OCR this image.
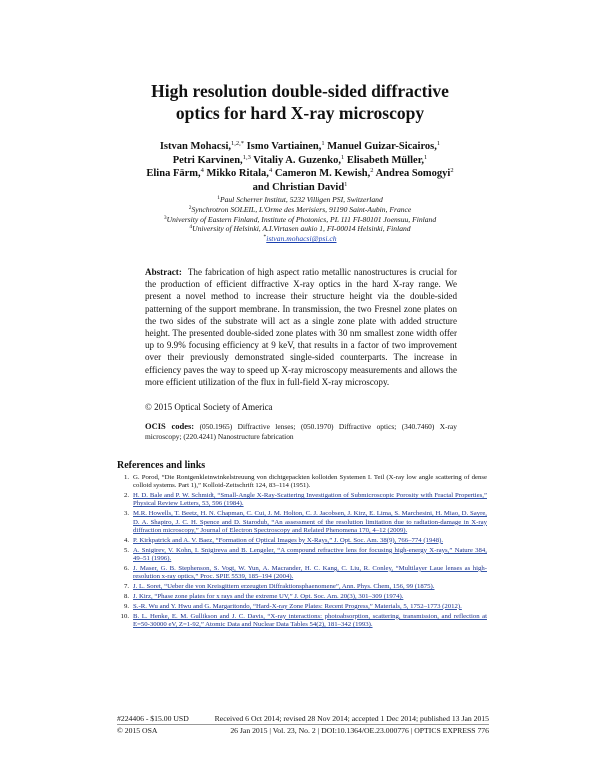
High resolution double-sided diffractive
optics for hard X-ray microscopy
Istvan Mohacsi,$^{1,2,*}$ Ismo Vartiainen,$^1$ Manuel Guizar-Sicairos,$^1$
Petri Karvinen,$^{1,3}$ Vitaliy A. Guzenko,$^1$ Elisabeth Müller,$^1$
Elina Färm,$^4$ Mikko Ritala,$^4$ Cameron M. Kewish,$^2$ Andrea Somogyi$^2$
and Christian David$^1$
$^1$Paul Scherrer Institut, 5232 Villigen PSI, Switzerland
$^2$Synchrotron SOLEIL, L'Orme des Merisiers, 91190 Saint-Aubin, France
$^3$University of Eastern Finland, Institute of Photonics, PL 111 FI-80101 Joensuu, Finland
$^4$University of Helsinki, A.I.Virtasen aukio 1, FI-00014 Helsinki, Finland
*istvan.mohacsi@psi.ch
Abstract: The fabrication of high aspect ratio metallic nanostructures is crucial for the production of efficient diffractive X-ray optics in the hard X-ray range. We present a novel method to increase their structure height via the double-sided patterning of the support membrane. In transmission, the two Fresnel zone plates on the two sides of the substrate will act as a single zone plate with added structure height. The presented double-sided zone plates with 30 nm smallest zone width offer up to 9.9% focusing efficiency at 9 keV, that results in a factor of two improvement over their previously demonstrated single-sided counterparts. The increase in efficiency paves the way to speed up X-ray microscopy measurements and allows the more efficient utilization of the flux in full-field X-ray microscopy.
© 2015 Optical Society of America
OCIS codes: (050.1965) Diffractive lenses; (050.1970) Diffractive optics; (340.7460) X-ray microscopy; (220.4241) Nanostructure fabrication
References and links
1. G. Porod, “Die Rontgenkleinwinkelstreuung von dichtgepackten kolloiden Systemen I. Teil (X-ray low angle scattering of dense colloid systems. Part 1),” Kolloid-Zeitschrift 124, 83–114 (1951).
2. H. D. Bale and P. W. Schmidt, “Small-Angle X-Ray-Scattering Investigation of Submicroscopic Porosity with Fractal Properties,” Physical Review Letters, 53, 596 (1984).
3. M.R. Howells, T. Beetz, H. N. Chapman, C. Cui, J. M. Holton, C. J. Jacobsen, J. Kirz, E. Lima, S. Marchesini, H. Miao, D. Sayre, D. A. Shapiro, J. C. H. Spence and D. Starodub, “An assessment of the resolution limitation due to radiation-damage in X-ray diffraction microscopy,” Journal of Electron Spectroscopy and Related Phenomena 170, 4–12 (2009).
4. P. Kirkpatrick and A. V. Baez, “Formation of Optical Images by X-Rays,” J. Opt. Soc. Am. 38(9), 766–774 (1948).
5. A. Snigirev, V. Kohn, I. Snigireva and B. Lengeler, “A compound refractive lens for focusing high-energy X-rays,” Nature 384, 49–51 (1996).
6. J. Maser, G. B. Stephenson, S. Vogt, W. Yun, A. Macrander, H. C. Kang, C. Liu, R. Conley, “Multilayer Laue lenses as high-resolution x-ray optics,” Proc. SPIE 5539, 185–194 (2004).
7. J. L. Soret, “Ueber die von Kreisgittern erzeugten Diffraktionsphaenomene”, Ann. Phys. Chem, 156, 99 (1875).
8. J. Kirz, “Phase zone plates for x rays and the extreme UV,” J. Opt. Soc. Am. 20(3), 301–309 (1974).
9. S.-R. Wu and Y. Hwu and G. Margaritondo, “Hard-X-ray Zone Plates: Recent Progress,” Materials, 5, 1752–1773 (2012).
10. B. L. Henke, E. M. Gullikson and J. C. Davis, “X-ray interactions: photoabsorption, scattering, transmission, and reflection at E=50-30000 eV, Z=1-92,” Atomic Data and Nuclear Data Tables 54(2), 181–342 (1993).
#224406 - $15.00 USD	Received 6 Oct 2014; revised 28 Nov 2014; accepted 1 Dec 2014; published 13 Jan 2015
© 2015 OSA	26 Jan 2015 | Vol. 23, No. 2 | DOI:10.1364/OE.23.000776 | OPTICS EXPRESS 776
